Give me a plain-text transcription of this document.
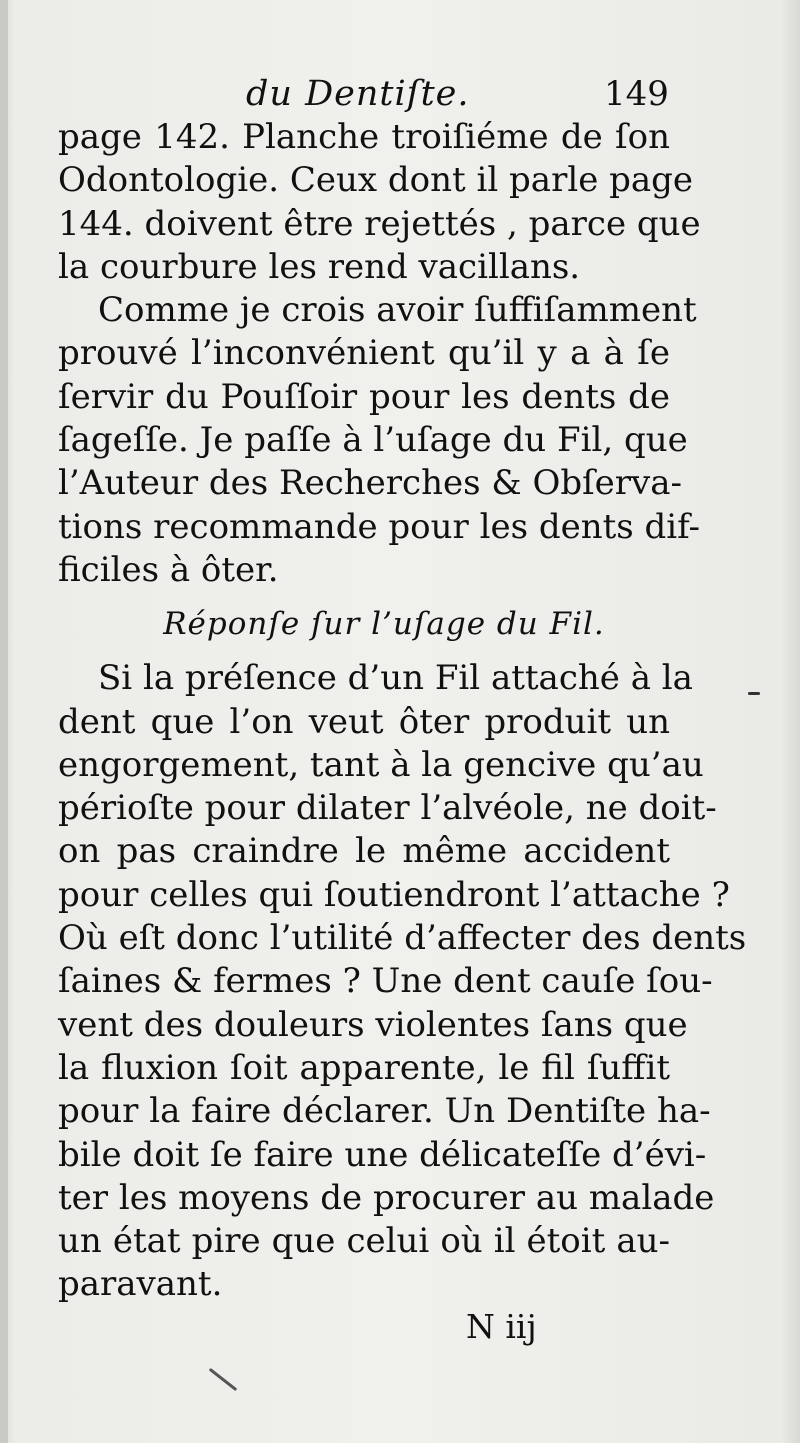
du Dentiſte.	149
page 142. Planche troiſiéme de ſon
Odontologie. Ceux dont il parle page
144. doivent être rejettés , parce que
la courbure les rend vacillans.
Comme je crois avoir ſuffiſamment
prouvé l’inconvénient qu’il y a à ſe
ſervir du Pouſſoir pour les dents de
ſageſſe. Je paſſe à l’uſage du Fil, que
l’Auteur des Recherches & Obſerva-
tions recommande pour les dents dif-
ficiles à ôter.
Réponſe ſur l’uſage du Fil.
Si la préſence d’un Fil attaché à la
dent que l’on veut ôter produit un
engorgement, tant à la gencive qu’au
périoſte pour dilater l’alvéole, ne doit-
on pas craindre le même accident
pour celles qui ſoutiendront l’attache ?
Où eſt donc l’utilité d’affecter des dents
ſaines & fermes ? Une dent cauſe ſou-
vent des douleurs violentes ſans que
la fluxion ſoit apparente, le fil ſuffit
pour la faire déclarer. Un Dentiſte ha-
bile doit ſe faire une délicateſſe d’évi-
ter les moyens de procurer au malade
un état pire que celui où il étoit au-
paravant.
N iij
